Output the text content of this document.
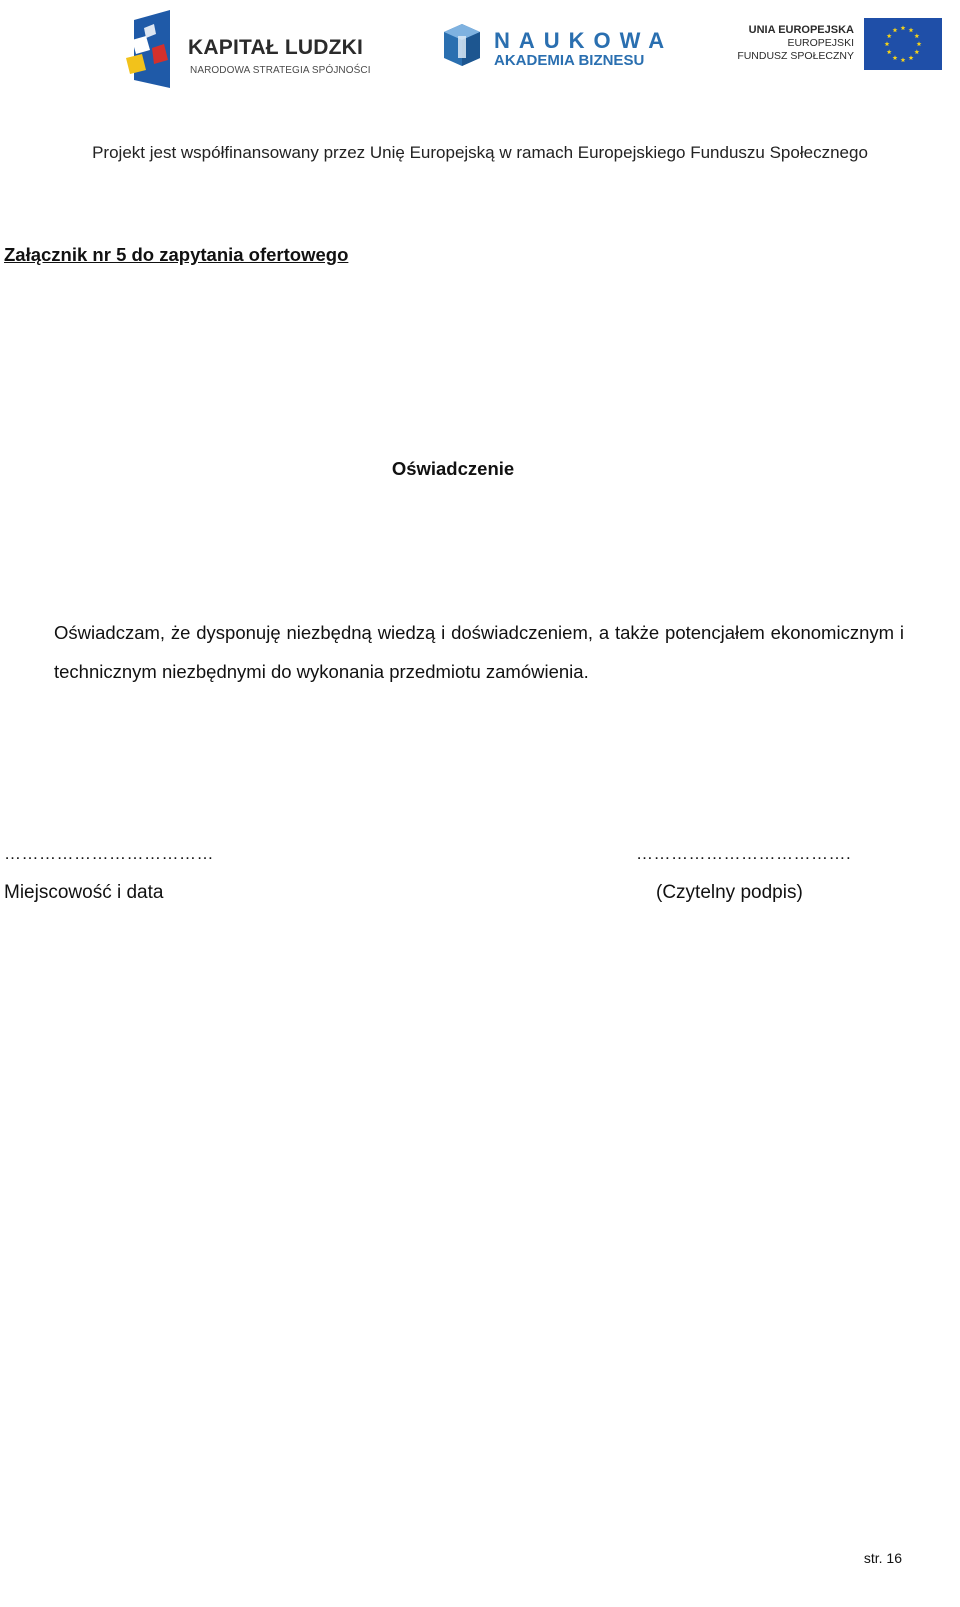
KAPITAŁ LUDZKI
NARODOWA STRATEGIA SPÓJNOŚCI
NAUKOWA
AKADEMIA BIZNESU
UNIA EUROPEJSKA
EUROPEJSKI
FUNDUSZ SPOŁECZNY
Projekt jest współfinansowany przez Unię Europejską w ramach Europejskiego Funduszu Społecznego
Załącznik nr 5 do zapytania ofertowego
Oświadczenie
Oświadczam, że dysponuję niezbędną wiedzą i doświadczeniem, a także potencjałem ekonomicznym i technicznym niezbędnymi do wykonania przedmiotu zamówienia.
………………………………	……………………………….
Miejscowość i data	(Czytelny podpis)
str. 16
